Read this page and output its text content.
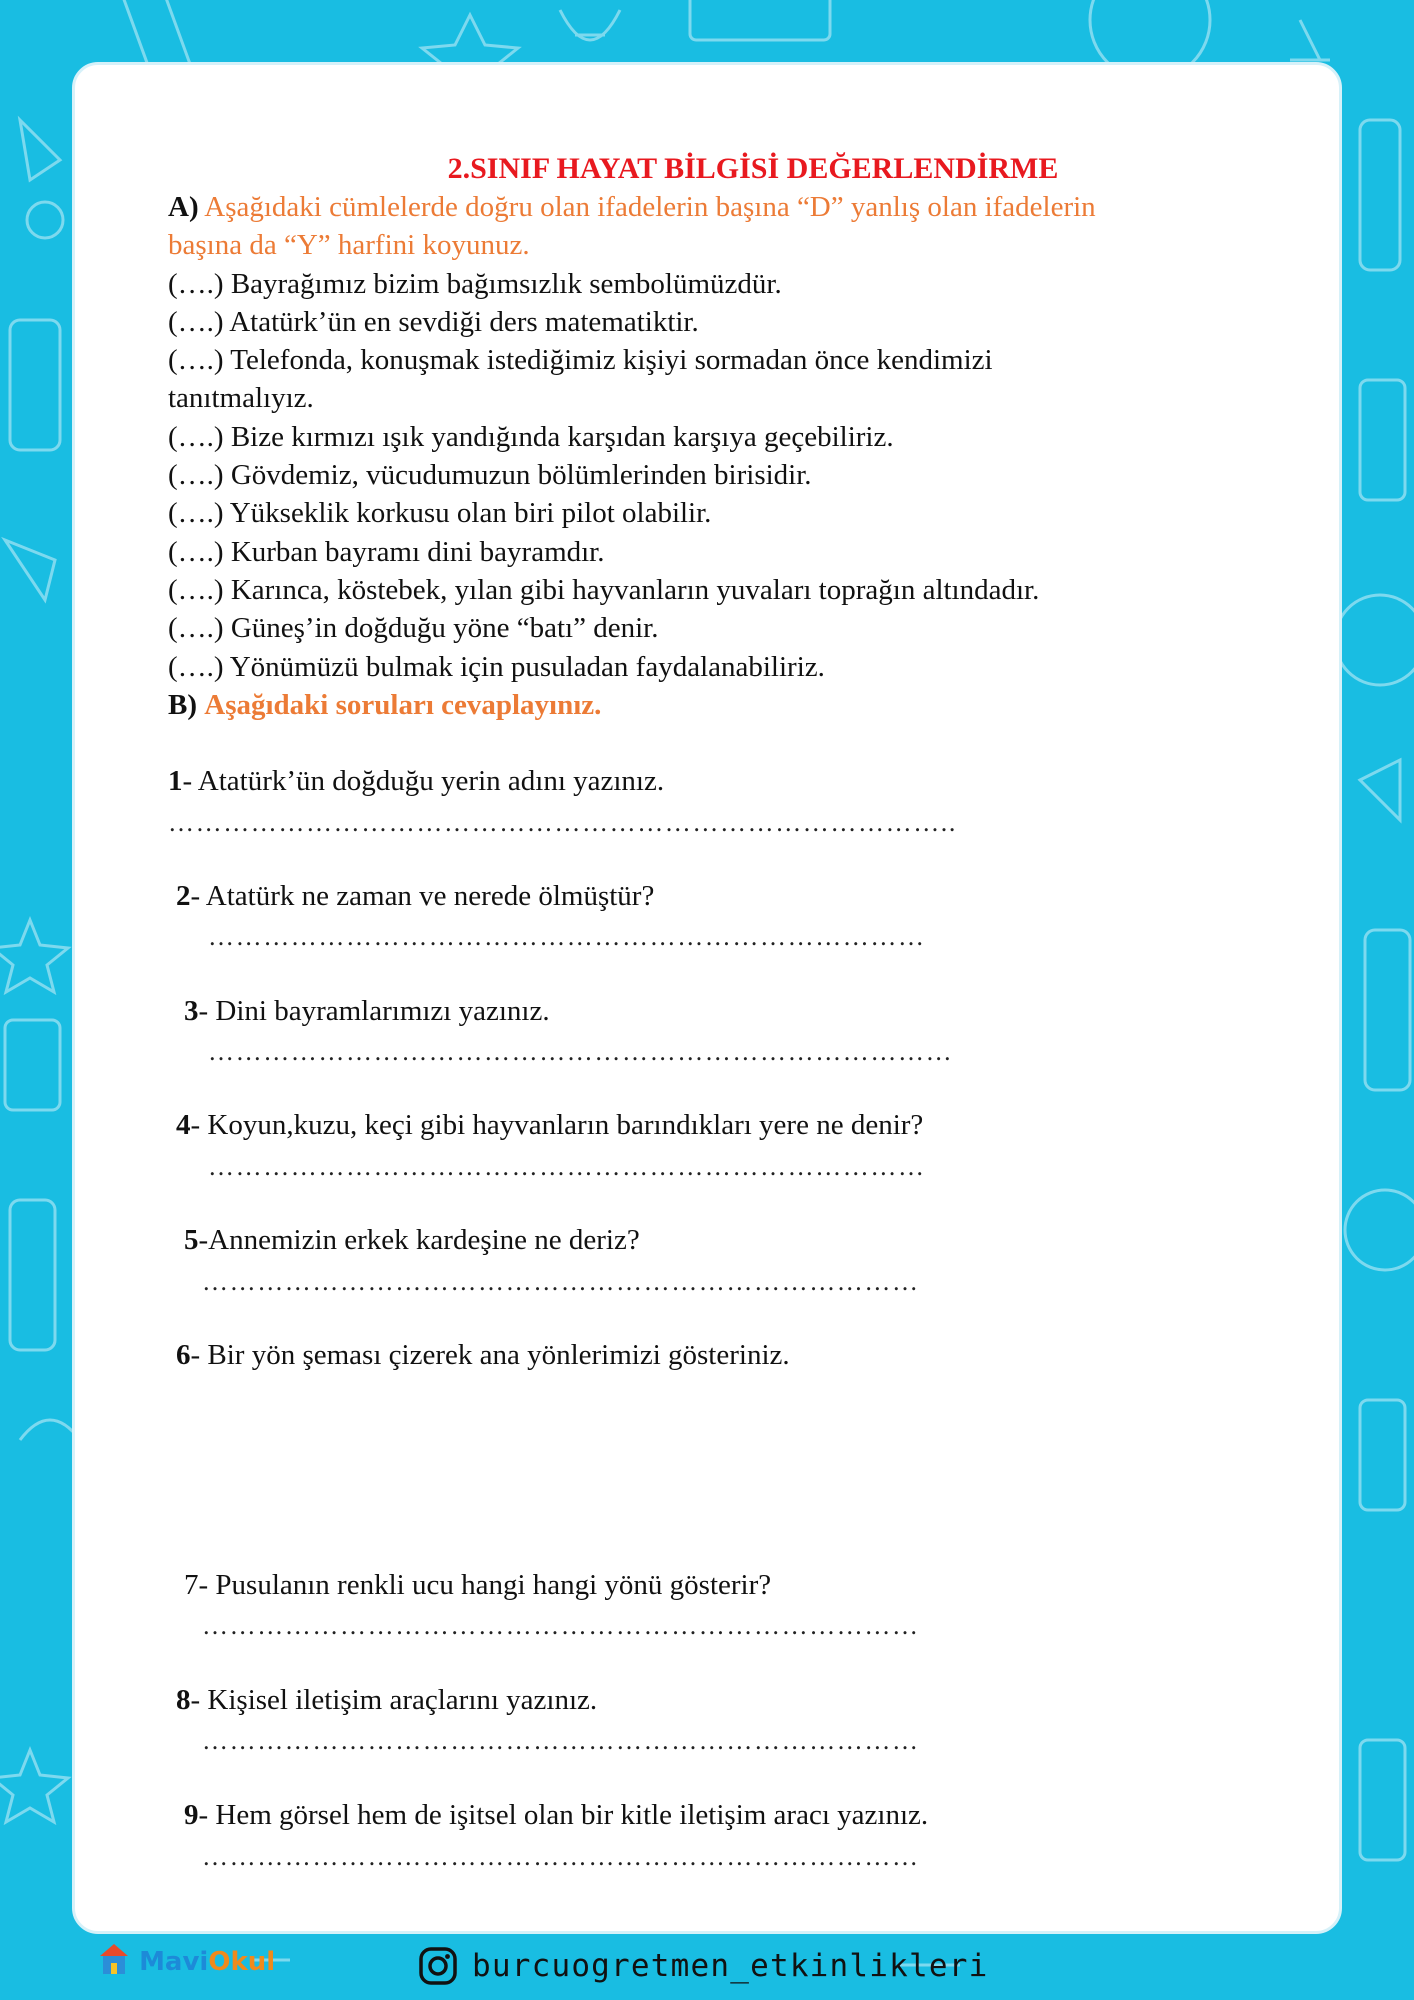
2.SINIF HAYAT BİLGİSİ DEĞERLENDİRME
A) Aşağıdaki cümlelerde doğru olan ifadelerin başına “D” yanlış olan ifadelerin
başına da “Y” harfini koyunuz.
(….) Bayrağımız bizim bağımsızlık sembolümüzdür.
(….) Atatürk’ün en sevdiği ders matematiktir.
(….) Telefonda, konuşmak istediğimiz kişiyi sormadan önce kendimizi
tanıtmalıyız.
(….) Bize kırmızı ışık yandığında karşıdan karşıya geçebiliriz.
(….) Gövdemiz, vücudumuzun bölümlerinden birisidir.
(….) Yükseklik korkusu olan biri pilot olabilir.
(….) Kurban bayramı dini bayramdır.
(….) Karınca, köstebek, yılan gibi hayvanların yuvaları toprağın altındadır.
(….) Güneş’in doğduğu yöne “batı” denir.
(….) Yönümüzü bulmak için pusuladan faydalanabiliriz.
B) Aşağıdaki soruları cevaplayınız.
1- Atatürk’ün doğduğu yerin adını yazınız.
…………………………………………………………………………..
2- Atatürk ne zaman ve nerede ölmüştür?
……………………………………………………………………
3- Dini bayramlarımızı yazınız.
………………………………………………………………………
4- Koyun,kuzu, keçi gibi hayvanların barındıkları yere ne denir?
……………………………………………………………………
5-Annemizin erkek kardeşine ne deriz?
……………………………………………………………………
6- Bir yön şeması çizerek ana yönlerimizi gösteriniz.
7- Pusulanın renkli ucu hangi hangi yönü gösterir?
……………………………………………………………………
8- Kişisel iletişim araçlarını yazınız.
……………………………………………………………………
9- Hem görsel hem de işitsel olan bir kitle iletişim aracı yazınız.
……………………………………………………………………
MaviOkul	burcuogretmen_etkinlikleri
